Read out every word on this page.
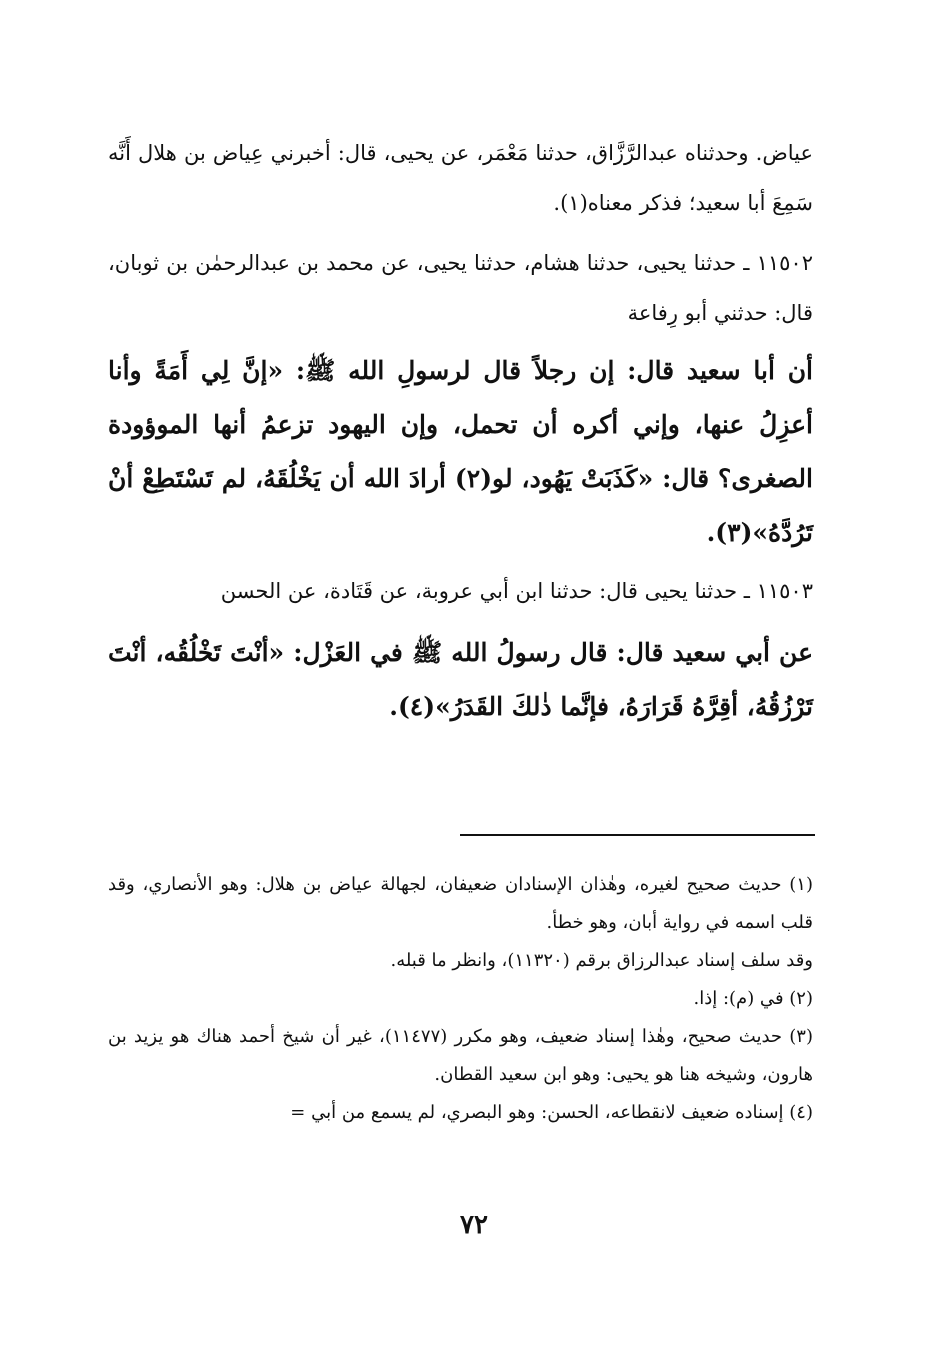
عياض. وحدثناه عبدالرَّزَّاق، حدثنا مَعْمَر، عن يحيى، قال: أخبرني عِياض بن هلال أَنَّه سَمِعَ أبا سعيد؛ فذكر معناه(١).

١١٥٠٢ ـ حدثنا يحيى، حدثنا هشام، حدثنا يحيى، عن محمد بن عبدالرحمٰن بن ثوبان، قال: حدثني أبو رِفاعة

أن أبا سعيد قال: إن رجلاً قال لرسولِ الله ﷺ: «إنَّ لِي أَمَةً وأنا أعزِلُ عنها، وإني أكره أن تحمل، وإن اليهود تزعمُ أنها الموؤودة الصغرى؟ قال: «كَذَبَتْ يَهُود، لو(٢) أرادَ الله أن يَخْلُقَهُ، لم تَسْتَطِعْ أنْ تَرُدَّهُ»(٣).

١١٥٠٣ ـ حدثنا يحيى قال: حدثنا ابن أبي عروبة، عن قَتَادة، عن الحسن

عن أبي سعيد قال: قال رسولُ الله ﷺ في العَزْل: «أنْتَ تَخْلُقُه، أنْتَ تَرْزُقُهُ، أقِرَّهُ قَرَارَهُ، فإنَّما ذٰلكَ القَدَرُ»(٤).

(١) حديث صحيح لغيره، وهٰذان الإسنادان ضعيفان، لجهالة عياض بن هلال: وهو الأنصاري، وقد قلب اسمه في رواية أبان، وهو خطأ.

وقد سلف إسناد عبدالرزاق برقم (١١٣٢٠)، وانظر ما قبله.

(٢) في (م): إذا.

(٣) حديث صحيح، وهٰذا إسناد ضعيف، وهو مكرر (١١٤٧٧)، غير أن شيخ أحمد هناك هو يزيد بن هارون، وشيخه هنا هو يحيى: وهو ابن سعيد القطان.

(٤) إسناده ضعيف لانقطاعه، الحسن: وهو البصري، لم يسمع من أبي =

٧٢
